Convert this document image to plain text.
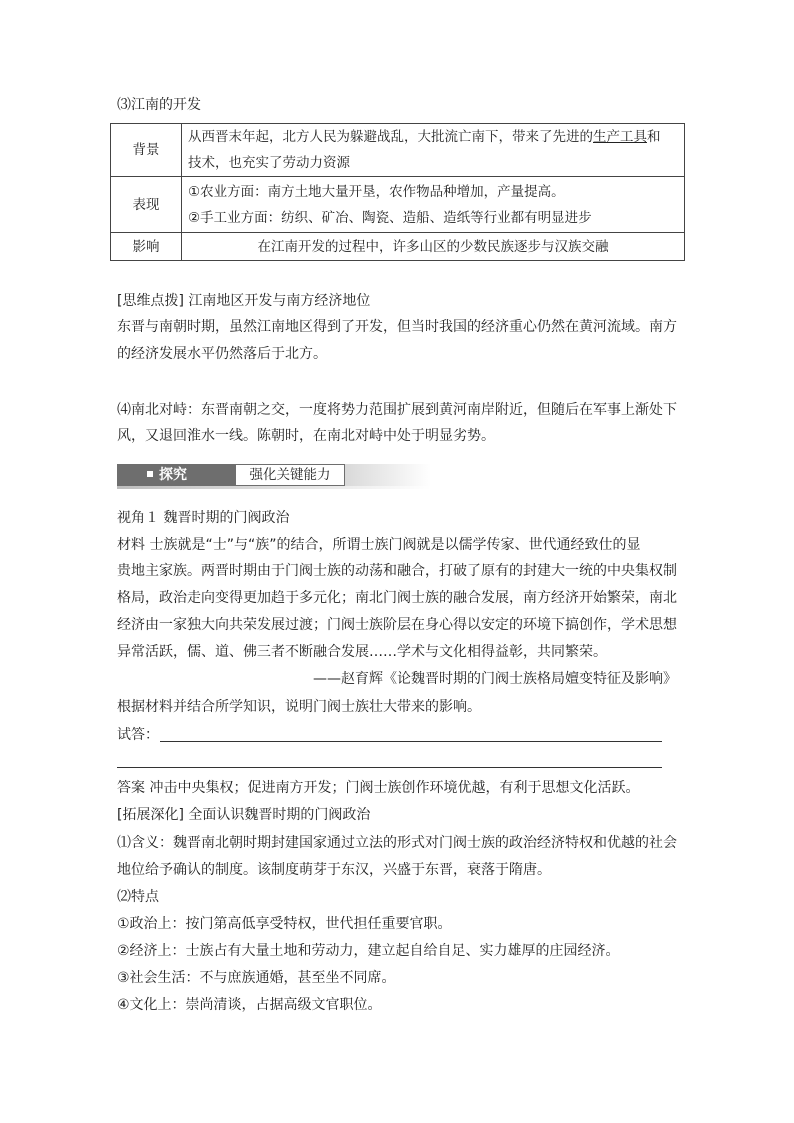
⑶江南的开发
背景	从西晋末年起，北方人民为躲避战乱，大批流亡南下，带来了先进的生产工具和
技术，也充实了劳动力资源
表现	①农业方面：南方土地大量开垦，农作物品种增加，产量提高。
②手工业方面：纺织、矿冶、陶瓷、造船、造纸等行业都有明显进步
影响	在江南开发的过程中，许多山区的少数民族逐步与汉族交融
[思维点拨] 江南地区开发与南方经济地位
东晋与南朝时期，虽然江南地区得到了开发，但当时我国的经济重心仍然在黄河流域。南方
的经济发展水平仍然落后于北方。
⑷南北对峙：东晋南朝之交，一度将势力范围扩展到黄河南岸附近，但随后在军事上渐处下
风，又退回淮水一线。陈朝时，在南北对峙中处于明显劣势。
探究	强化关键能力
视角１ 魏晋时期的门阀政治
材料 士族就是“士”与“族”的结合，所谓士族门阀就是以儒学传家、世代通经致仕的显
贵地主家族。两晋时期由于门阀士族的动荡和融合，打破了原有的封建大一统的中央集权制
格局，政治走向变得更加趋于多元化；南北门阀士族的融合发展，南方经济开始繁荣，南北
经济由一家独大向共荣发展过渡；门阀士族阶层在身心得以安定的环境下搞创作，学术思想
异常活跃，儒、道、佛三者不断融合发展……学术与文化相得益彰，共同繁荣。
——赵育辉《论魏晋时期的门阀士族格局嬗变特征及影响》
根据材料并结合所学知识，说明门阀士族壮大带来的影响。
试答：
答案 冲击中央集权；促进南方开发；门阀士族创作环境优越，有利于思想文化活跃。
[拓展深化] 全面认识魏晋时期的门阀政治
⑴含义：魏晋南北朝时期封建国家通过立法的形式对门阀士族的政治经济特权和优越的社会
地位给予确认的制度。该制度萌芽于东汉，兴盛于东晋，衰落于隋唐。
⑵特点
①政治上：按门第高低享受特权，世代担任重要官职。
②经济上：士族占有大量土地和劳动力，建立起自给自足、实力雄厚的庄园经济。
③社会生活：不与庶族通婚，甚至坐不同席。
④文化上：崇尚清谈，占据高级文官职位。
